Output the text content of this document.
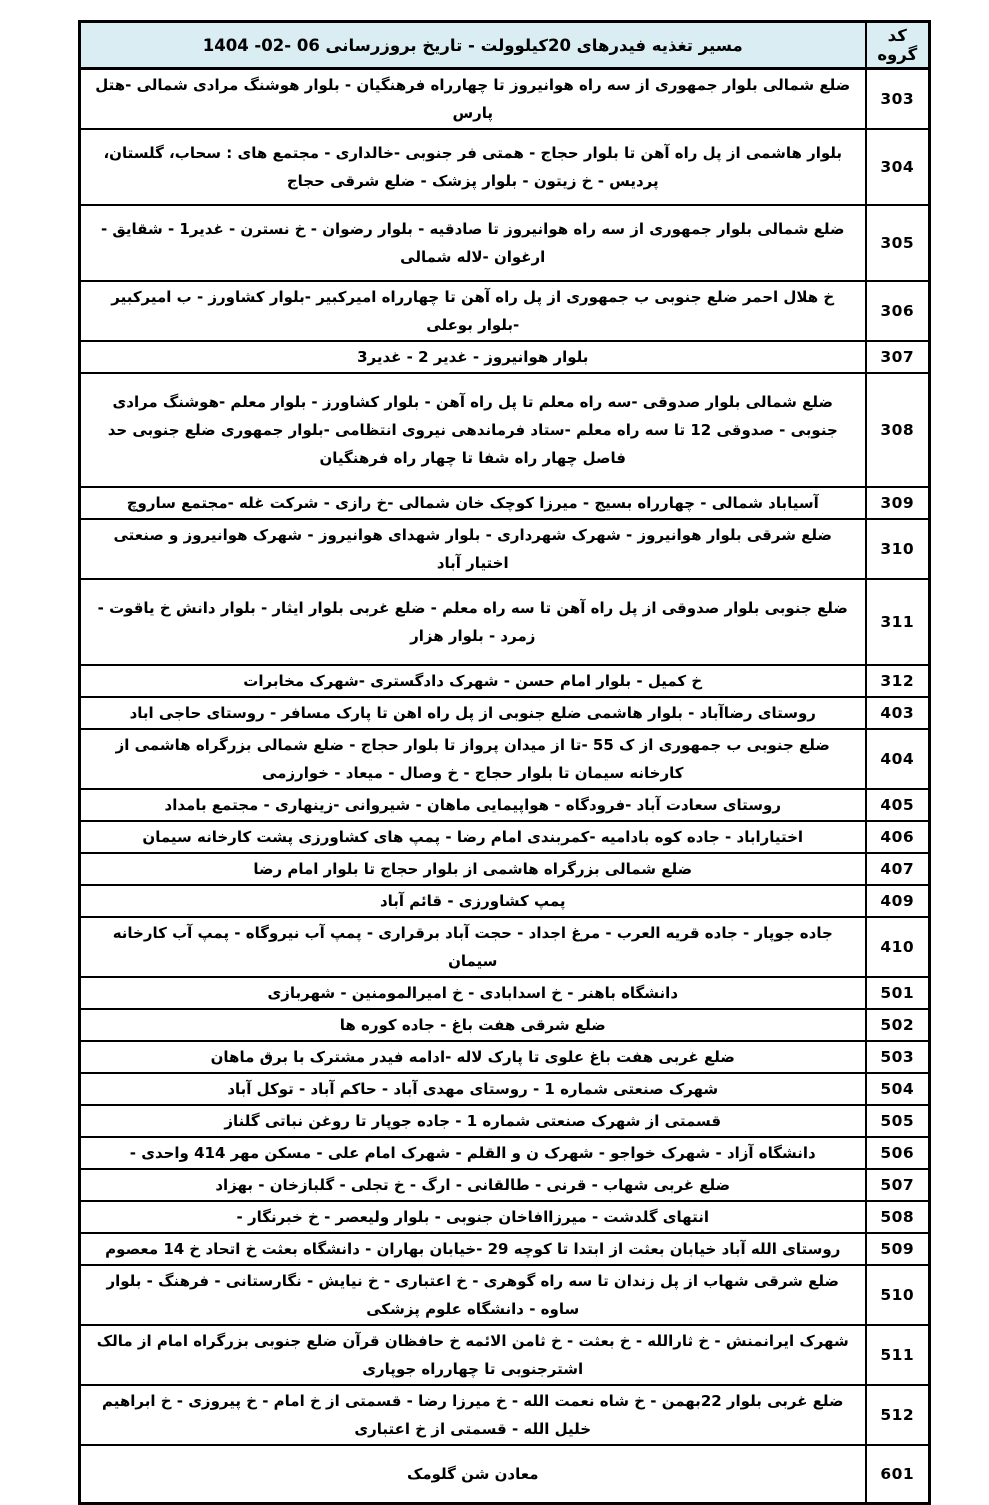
کد گروه	مسیر تغذیه فیدرهای 20کیلوولت - تاریخ بروزرسانی 06 -02- 1404
303	ضلع شمالی بلوار جمهوری از سه راه هوانیروز تا چهارراه فرهنگیان - بلوار هوشنگ مرادی شمالی -هتل پارس
304	بلوار هاشمی از پل راه آهن تا بلوار حجاج - همتی فر جنوبی -خالداری - مجتمع های : سحاب، گلستان، پردیس - خ زیتون - بلوار پزشک - ضلع شرقی حجاج
305	ضلع شمالی بلوار جمهوری از سه راه هوانیروز تا صادقیه - بلوار رضوان - خ نسترن - غدیر1 - شقایق - ارغوان -لاله شمالی
306	خ هلال احمر ضلع جنوبی ب جمهوری از پل راه آهن تا چهارراه امیرکبیر -بلوار کشاورز - ب امیرکبیر -بلوار بوعلی
307	بلوار هوانیروز - غدیر 2 - غدیر3
308	ضلع شمالی بلوار صدوقی -سه راه معلم تا پل راه آهن - بلوار کشاورز - بلوار معلم -هوشنگ مرادی جنوبی - صدوقی 12 تا سه راه معلم -ستاد فرماندهی نیروی انتظامی -بلوار جمهوری ضلع جنوبی حد فاصل چهار راه شفا تا چهار راه فرهنگیان
309	آسیاباد شمالی - چهارراه بسیج - میرزا کوچک خان شمالی -خ رازی - شرکت غله -مجتمع ساروچ
310	ضلع شرقی بلوار هوانیروز - شهرک شهرداری - بلوار شهدای هوانیروز - شهرک هوانیروز و صنعتی اختیار آباد
311	ضلع جنوبی بلوار صدوقی از پل راه آهن تا سه راه معلم - ضلع غربی بلوار ایثار - بلوار دانش خ یاقوت - زمرد - بلوار هزار
312	خ کمیل - بلوار امام حسن - شهرک دادگستری -شهرک مخابرات
403	روستای رضاآباد - بلوار هاشمی ضلع جنوبی از پل راه اهن تا پارک مسافر - روستای حاجی اباد
404	ضلع جنوبی ب جمهوری از ک 55 -تا از میدان پرواز تا بلوار حجاج - ضلع شمالی بزرگراه هاشمی از کارخانه سیمان تا بلوار حجاج - خ وصال - میعاد - خوارزمی
405	روستای سعادت آباد -فرودگاه - هواپیمایی ماهان - شیروانی -زینهاری - مجتمع بامداد
406	اختیاراباد - جاده کوه بادامیه -کمربندی امام رضا - پمپ های کشاورزی پشت کارخانه سیمان
407	ضلع شمالی بزرگراه هاشمی از بلوار حجاج تا بلوار امام رضا
409	پمپ کشاورزی - قائم آباد
410	جاده جوپار - جاده قریه العرب - مرغ اجداد - حجت آباد برقراری - پمپ آب نیروگاه - پمپ آب کارخانه سیمان
501	دانشگاه باهنر - خ اسدابادی - خ امیرالمومنین - شهربازی
502	ضلع شرقی هفت باغ - جاده کوره ها
503	ضلع غربی هفت باغ علوی تا پارک لاله -ادامه فیدر مشترک با برق ماهان
504	شهرک صنعتی شماره 1 - روستای مهدی آباد - حاکم آباد - توکل آباد
505	قسمتی از شهرک صنعتی شماره 1 - جاده جوپار تا روغن نباتی گلناز
506	دانشگاه آزاد - شهرک خواجو - شهرک ن و القلم - شهرک امام علی - مسکن مهر 414 واحدی -
507	ضلع غربی شهاب - قرنی - طالقانی - ارگ - خ تجلی - گلبازخان - بهزاد
508	انتهای گلدشت - میرزاافاخان جنوبی - بلوار ولیعصر - خ خبرنگار -
509	روستای الله آباد خیابان بعثت از ابتدا تا کوچه 29 -خیابان بهاران - دانشگاه بعثت خ اتحاد خ 14 معصوم
510	ضلع شرقی شهاب از پل زندان تا سه راه گوهری - خ اعتباری - خ نیایش - نگارستانی - فرهنگ - بلوار ساوه - دانشگاه علوم پزشکی
511	شهرک ایرانمنش - خ ثارالله - خ بعثت - خ ثامن الائمه خ حافظان قرآن ضلع جنوبی بزرگراه امام از مالک اشترجنوبی تا چهارراه جوپاری
512	ضلع غربی بلوار 22بهمن - خ شاه نعمت الله - خ میرزا رضا - قسمتی از خ امام - خ پیروزی - خ ابراهیم خلیل الله - قسمتی از خ اعتباری
601	معادن شن گلومک
